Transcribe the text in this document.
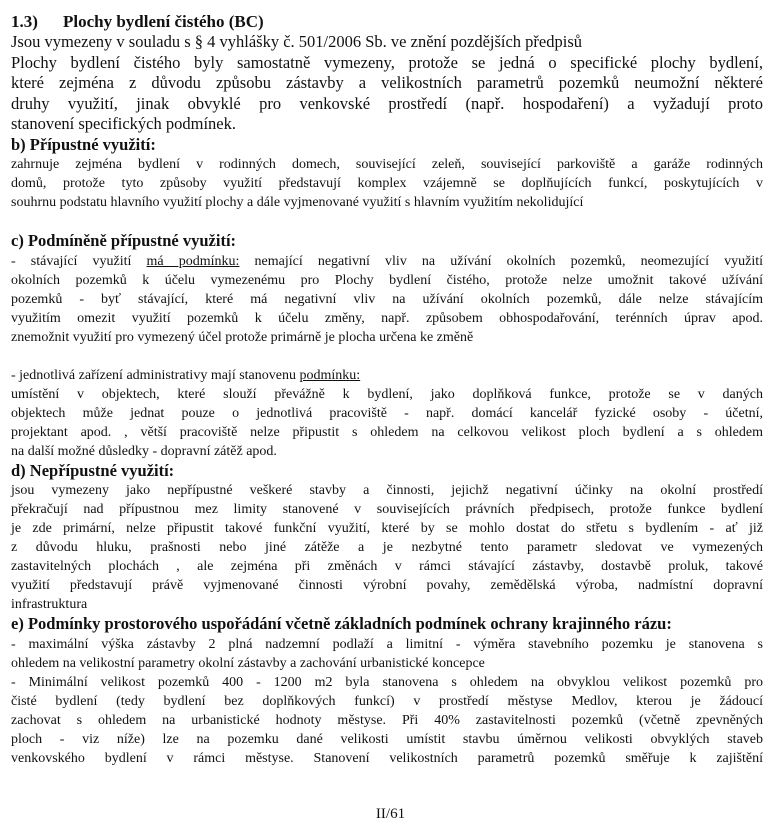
1.3) Plochy bydlení čistého (BC)
Jsou vymezeny v souladu s § 4 vyhlášky č. 501/2006 Sb. ve znění pozdějších předpisů
Plochy bydlení čistého byly samostatně vymezeny, protože se jedná o specifické plochy bydlení,
které zejména z důvodu způsobu zástavby a velikostních parametrů pozemků neumožní některé
druhy využití, jinak obvyklé pro venkovské prostředí (např. hospodaření) a vyžadují proto
stanovení specifických podmínek.
b) Přípustné využití:
zahrnuje zejména bydlení v rodinných domech, související zeleň, související parkoviště a garáže rodinných
domů, protože tyto způsoby využití představují komplex vzájemně se doplňujících funkcí, poskytujících v
souhrnu podstatu hlavního využití plochy a dále vyjmenované využití s hlavním využitím nekolidující
c) Podmíněně přípustné využití:
- stávající využití má podmínku: nemající negativní vliv na užívání okolních pozemků, neomezující využití
okolních pozemků k účelu vymezenému pro Plochy bydlení čistého, protože nelze umožnit takové užívání
pozemků - byť stávající, které má negativní vliv na užívání okolních pozemků, dále nelze stávajícím
využitím omezit využití pozemků k účelu změny, např. způsobem obhospodařování, terénních úprav apod.
znemožnit využití pro vymezený účel protože primárně je plocha určena ke změně
- jednotlivá zařízení administrativy mají stanovenu podmínku:
umístění v objektech, které slouží převážně k bydlení, jako doplňková funkce, protože se v daných
objektech může jednat pouze o jednotlivá pracoviště - např. domácí kancelář fyzické osoby - účetní,
projektant apod. , větší pracoviště nelze připustit s ohledem na celkovou velikost ploch bydlení a s ohledem
na další možné důsledky - dopravní zátěž apod.
d) Nepřípustné využití:
jsou vymezeny jako nepřípustné veškeré stavby a činnosti, jejichž negativní účinky na okolní prostředí
překračují nad přípustnou mez limity stanovené v souvisejících právních předpisech, protože funkce bydlení
je zde primární, nelze připustit takové funkční využití, které by se mohlo dostat do střetu s bydlením - ať již
z důvodu hluku, prašnosti nebo jiné zátěže a je nezbytné tento parametr sledovat ve vymezených
zastavitelných plochách , ale zejména při změnách v rámci stávající zástavby, dostavbě proluk, takové
využití představují právě vyjmenované činnosti výrobní povahy, zemědělská výroba, nadmístní dopravní
infrastruktura
e) Podmínky prostorového uspořádání včetně základních podmínek ochrany krajinného rázu:
- maximální výška zástavby 2 plná nadzemní podlaží a limitní - výměra stavebního pozemku je stanovena s
ohledem na velikostní parametry okolní zástavby a zachování urbanistické koncepce
- Minimální velikost pozemků 400 - 1200 m2 byla stanovena s ohledem na obvyklou velikost pozemků pro
čisté bydlení (tedy bydlení bez doplňkových funkcí) v prostředí městyse Medlov, kterou je žádoucí
zachovat s ohledem na urbanistické hodnoty městyse. Při 40% zastavitelnosti pozemků (včetně zpevněných
ploch - viz níže) lze na pozemku dané velikosti umístit stavbu úměrnou velikosti obvyklých staveb
venkovského bydlení v rámci městyse. Stanovení velikostních parametrů pozemků směřuje k zajištění
II/61
